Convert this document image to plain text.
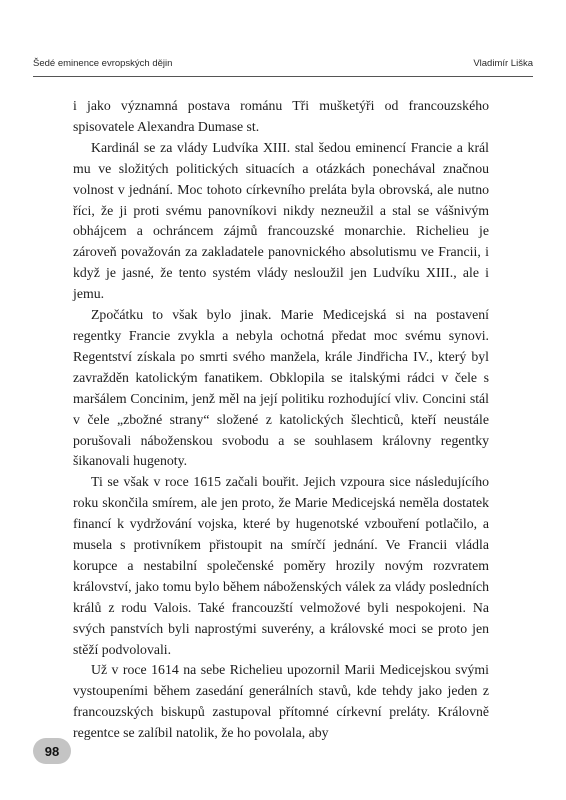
Šedé eminence evropských dějin	Vladimír Liška

i jako významná postava románu Tři mušketýři od francouzského spisovatele Alexandra Dumase st.

Kardinál se za vlády Ludvíka XIII. stal šedou eminencí Francie a král mu ve složitých politických situacích a otázkách ponechával značnou volnost v jednání. Moc tohoto církevního preláta byla obrovská, ale nutno říci, že ji proti svému panovníkovi nikdy nezneužil a stal se vášnivým obhájcem a ochráncem zájmů francouzské monarchie. Richelieu je zároveň považován za zakladatele panovnického absolutismu ve Francii, i když je jasné, že tento systém vlády nesloužil jen Ludvíku XIII., ale i jemu.

Zpočátku to však bylo jinak. Marie Medicejská si na postavení regentky Francie zvykla a nebyla ochotná předat moc svému synovi. Regentství získala po smrti svého manžela, krále Jindřicha IV., který byl zavražděn katolickým fanatikem. Obklopila se italskými rádci v čele s maršálem Concinim, jenž měl na její politiku rozhodující vliv. Concini stál v čele „zbožné strany“ složené z katolických šlechticů, kteří neustále porušovali náboženskou svobodu a se souhlasem královny regentky šikanovali hugenoty.

Ti se však v roce 1615 začali bouřit. Jejich vzpoura sice následujícího roku skončila smírem, ale jen proto, že Marie Medicejská neměla dostatek financí k vydržování vojska, které by hugenotské vzbouření potlačilo, a musela s protivníkem přistoupit na smírčí jednání. Ve Francii vládla korupce a nestabilní společenské poměry hrozily novým rozvratem království, jako tomu bylo během náboženských válek za vlády posledních králů z rodu Valois. Také francouzští velmožové byli nespokojeni. Na svých panstvích byli naprostými suverény, a královské moci se proto jen stěží podvolovali.

Už v roce 1614 na sebe Richelieu upozornil Marii Medicejskou svými vystoupeními během zasedání generálních stavů, kde tehdy jako jeden z francouzských biskupů zastupoval přítomné církevní preláty. Královně regentce se zalíbil natolik, že ho povolala, aby

98
